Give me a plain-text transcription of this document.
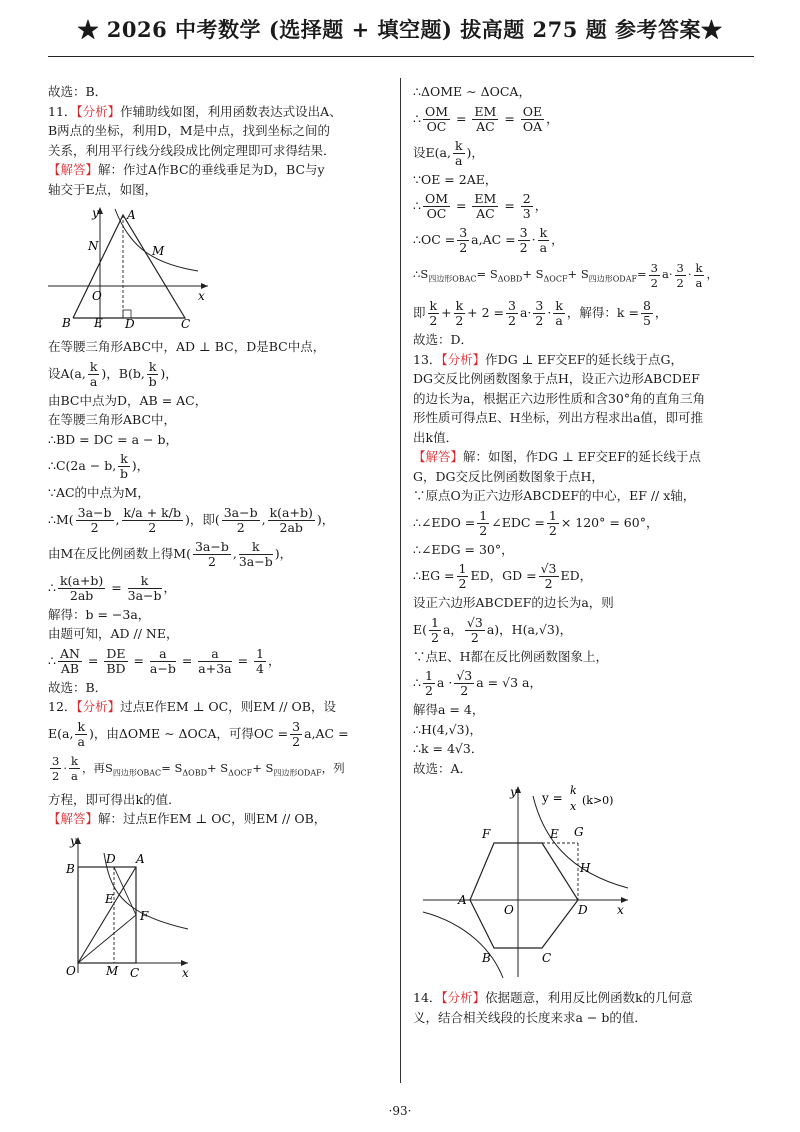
★ 2026 中考数学 (选择题 + 填空题) 拔高题 275 题 参考答案★

故选：B．

11．【分析】作辅助线如图，利用函数表达式设出A、

B两点的坐标，利用D，M是中点，找到坐标之间的

关系，利用平行线分线段成比例定理即可求得结果．

【解答】解：作过A作BC的垂线垂足为D，BC与y

轴交于E点，如图，

y A
N	M
O	x
B E D	C

在等腰三角形ABC中，AD ⊥ BC，D是BC中点，

设A(a, $\frac{k}{a}$ )，B(b, $\frac{k}{b}$ )，

由BC中点为D，AB = AC，

在等腰三角形ABC中，

∴BD = DC = a − b，

∴C(2a − b, $\frac{k}{b}$ )，

∵AC的中点为M，

∴M( $\frac{3a-b}{2}$ , $\frac{k/a + k/b}{2}$ )，即( $\frac{3a-b}{2}$ , $\frac{k(a+b)}{2ab}$ )，

由M在反比例函数上得$M( \frac{3a-b}{2}$ , $\frac{k}{3a-b}$ )，

∴ $\frac{k(a+b)}{2ab} = \frac{k}{3a-b}$ ，

解得：b = −3a，

由题可知，AD // NE，

∴ $\frac{AN}{AB} = \frac{DE}{BD} = \frac{a}{a-b} = \frac{a}{a+3a} = \frac{1}{4}$ ，

故选：B．

12．【分析】过点E作EM ⊥ OC，则EM // OB，设

E(a, $\frac{k}{a}$ )，由ΔOME ∼ ΔOCA，可得OC = $\frac{3}{2} a,AC$ =

$\frac{3}{2} \cdot \frac{k}{a}$ ，再$S_{四边形OBAC}= S_{\Delta OBD}+ S_{\Delta OCF}+ S_{四边形ODAF}$，列

方程，即可得出k的值．

【解答】解：过点E作EM ⊥ OC，则EM // OB，

y
B
D A
E
F
O	M C	x

∴ΔOME ∼ ΔOCA，

∴ $\frac{OM}{OC} = \frac{EM}{AC} = \frac{OE}{OA}$ ，

设E(a, $\frac{k}{a}$ )，

∵OE = 2AE，

∴ $\frac{OM}{OC} = \frac{EM}{AC} = \frac{2}{3}$ ，

∴OC = $\frac{3}{2} a,AC = \frac{3}{2} \cdot \frac{k}{a}$ ，

$\therefore S_{四边形OBAC}= S_{\Delta OBD}+ S_{\Delta OCF}+ S_{四边形ODAF}= \frac{3}{2} a\cdot \frac{3}{2} \cdot \frac{k}{a}$ ，

即 $\frac{k}{2} + \frac{k}{2} + 2 = \frac{3}{2} a\cdot \frac{3}{2} \cdot \frac{k}{a}$ ，解得：$k = \frac{8}{5}$ ，

故选：D．

13．【分析】作DG ⊥ EF交EF的延长线于点G，

DG交反比例函数图象于点H，设正六边形ABCDEF

的边长为a，根据正六边形性质和含30°角的直角三角

形性质可得点E、H坐标，列出方程求出a值，即可推

出k值．

【解答】解：如图，作DG ⊥ EF交EF的延长线于点

G，DG交反比例函数图象于点H，

∵原点O为正六边形ABCDEF的中心，EF // x轴，

∴∠EDO = $\frac{1}{2}$ ∠EDC = $\frac{1}{2} \times 120^\circ = 60^\circ$，

∴∠EDG = 30°，

∴EG = $\frac{1}{2}$ ED，GD = $\frac{√3}{2}$ ED，

设正六边形ABCDEF的边长为a，则

$E( \frac{1}{2}$ a， $\frac{√3}{2} a$)，H(a,√3)，

∵点E、H都在反比例函数图象上，

∴ $\frac{1}{2}$ $a \cdot \frac{√3}{2}$ a = √3 a，

解得a = 4，

∴H(4,√3)，

∴k = 4√3．

故选：A．

y y =
k
x (k>0)
F	E G
H
A
O	D x
B	C

14．【分析】依据题意，利用反比例函数k的几何意

义，结合相关线段的长度来求a − b的值．

·93·
